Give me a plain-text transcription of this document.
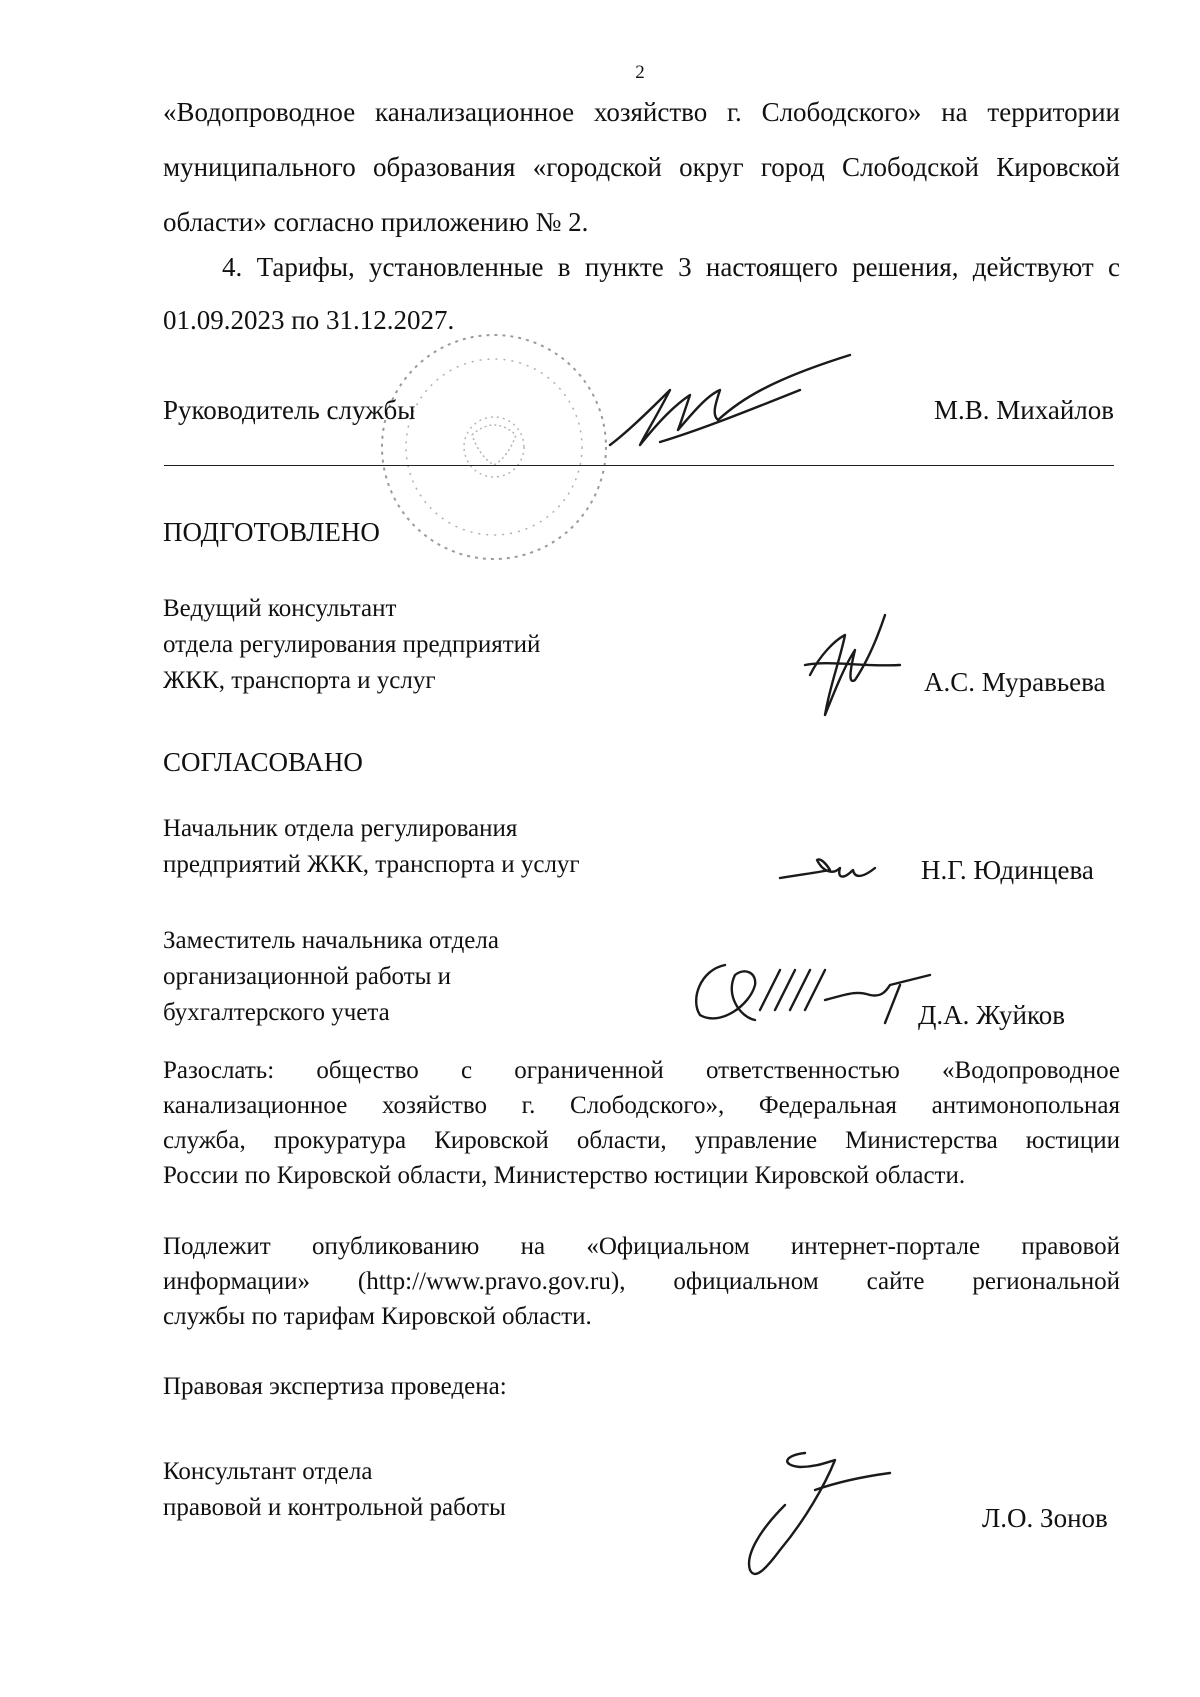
2
«Водопроводное канализационное хозяйство г. Слободского» на территории
муниципального образования «городской округ город Слободской Кировской
области» согласно приложению № 2.
4. Тарифы, установленные в пункте 3 настоящего решения, действуют с
01.09.2023 по 31.12.2027.
Руководитель службы	М.В. Михайлов
ПОДГОТОВЛЕНО
Ведущий консультант
отдела регулирования предприятий
ЖКК, транспорта и услуг	А.С. Муравьева
СОГЛАСОВАНО
Начальник отдела регулирования
предприятий ЖКК, транспорта и услуг	Н.Г. Юдинцева
Заместитель начальника отдела
организационной работы и
бухгалтерского учета	Д.А. Жуйков
Разослать: общество с ограниченной ответственностью «Водопроводное
канализационное хозяйство г. Слободского», Федеральная антимонопольная
служба, прокуратура Кировской области, управление Министерства юстиции
России по Кировской области, Министерство юстиции Кировской области.
Подлежит опубликованию на «Официальном интернет-портале правовой
информации» (http://www.pravo.gov.ru), официальном сайте региональной
службы по тарифам Кировской области.
Правовая экспертиза проведена:
Консультант отдела
правовой и контрольной работы	Л.О. Зонов
